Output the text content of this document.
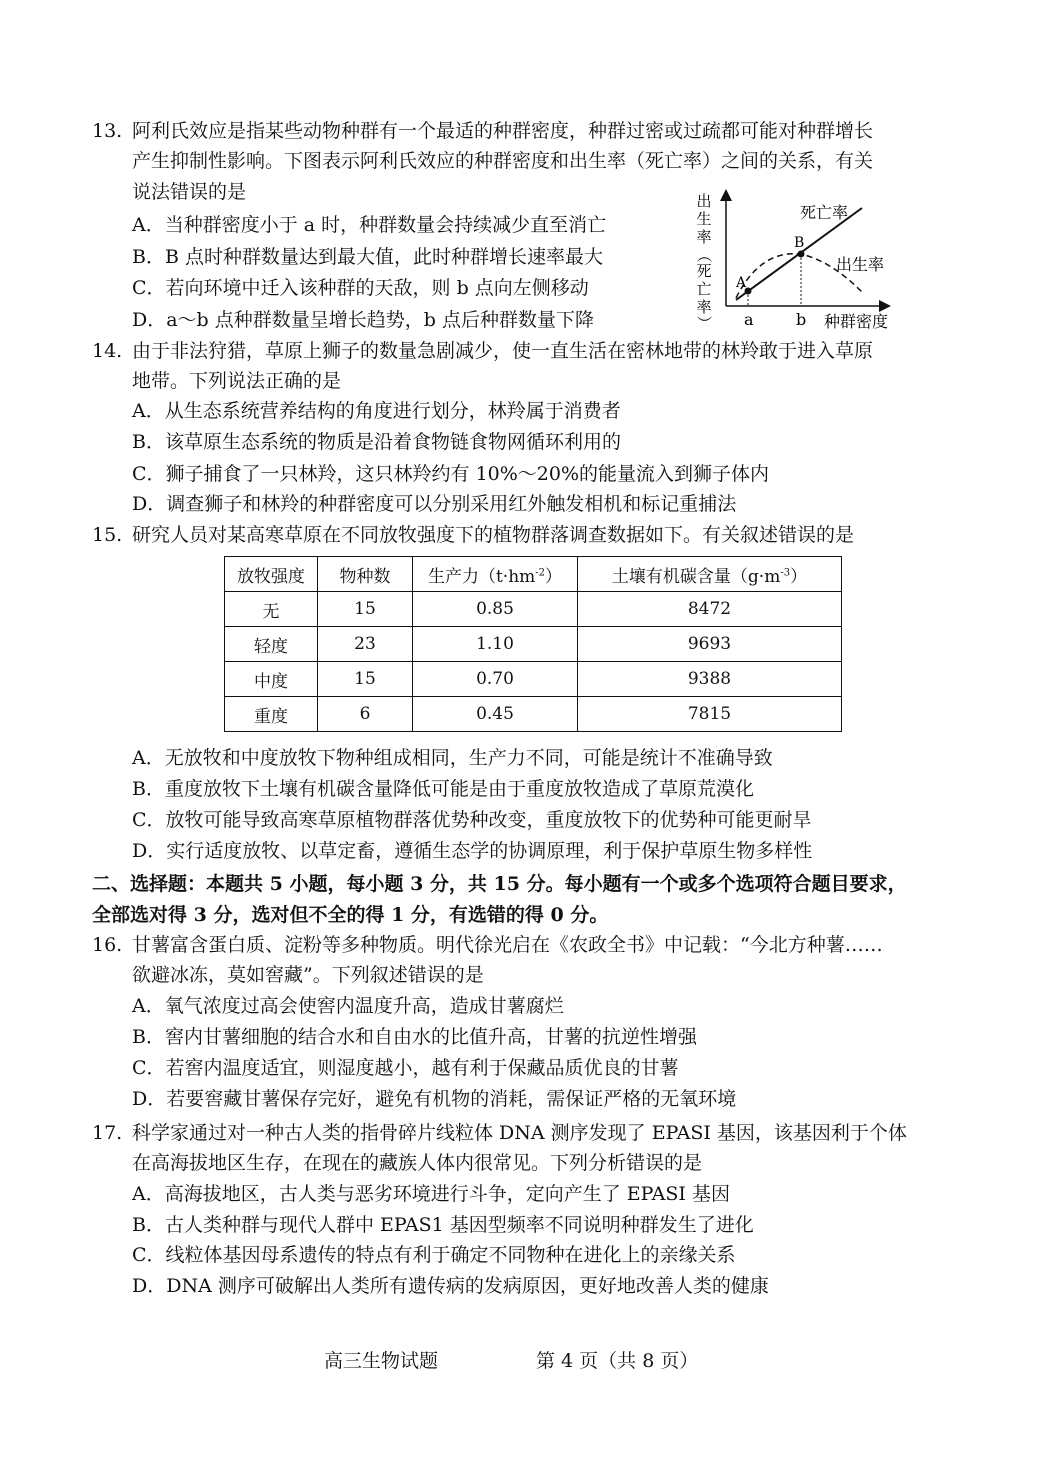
13. 阿利氏效应是指某些动物种群有一个最适的种群密度，种群过密或过疏都可能对种群增长
产生抑制性影响。下图表示阿利氏效应的种群密度和出生率（死亡率）之间的关系，有关
说法错误的是
A．当种群密度小于 a 时，种群数量会持续减少直至消亡
B．B 点时种群数量达到最大值，此时种群增长速率最大
C．若向环境中迁入该种群的天敌，则 b 点向左侧移动
D．a～b 点种群数量呈增长趋势，b 点后种群数量下降
出
生
率
（
死
亡
率
）
A
B
死亡率
出生率
a	b 种群密度
14. 由于非法狩猎，草原上狮子的数量急剧减少，使一直生活在密林地带的林羚敢于进入草原
地带。下列说法正确的是
A．从生态系统营养结构的角度进行划分，林羚属于消费者
B．该草原生态系统的物质是沿着食物链食物网循环利用的
C．狮子捕食了一只林羚，这只林羚约有 10%～20%的能量流入到狮子体内
D．调查狮子和林羚的种群密度可以分别采用红外触发相机和标记重捕法
15. 研究人员对某高寒草原在不同放牧强度下的植物群落调查数据如下。有关叙述错误的是
放牧强度	物种数	生产力$(t\cdot hm^{-2})$	土壤有机碳含量$(g\cdot m^{-3})$
无	15	0.85	8472
轻度	23	1.10	9693
中度	15	0.70	9388
重度	6	0.45	7815
A．无放牧和中度放牧下物种组成相同，生产力不同，可能是统计不准确导致
B．重度放牧下土壤有机碳含量降低可能是由于重度放牧造成了草原荒漠化
C．放牧可能导致高寒草原植物群落优势种改变，重度放牧下的优势种可能更耐旱
D．实行适度放牧、以草定畜，遵循生态学的协调原理，利于保护草原生物多样性
二、选择题：本题共 5 小题，每小题 3 分，共 15 分。每小题有一个或多个选项符合题目要求，
全部选对得 3 分，选对但不全的得 1 分，有选错的得 0 分。
16. 甘薯富含蛋白质、淀粉等多种物质。明代徐光启在《农政全书》中记载：“今北方种薯……
欲避冰冻，莫如窖藏”。下列叙述错误的是
A．氧气浓度过高会使窖内温度升高，造成甘薯腐烂
B．窖内甘薯细胞的结合水和自由水的比值升高，甘薯的抗逆性增强
C．若窖内温度适宜，则湿度越小，越有利于保藏品质优良的甘薯
D．若要窖藏甘薯保存完好，避免有机物的消耗，需保证严格的无氧环境
17. 科学家通过对一种古人类的指骨碎片线粒体 DNA 测序发现了 EPASI 基因，该基因利于个体
在高海拔地区生存，在现在的藏族人体内很常见。下列分析错误的是
A．高海拔地区，古人类与恶劣环境进行斗争，定向产生了 EPASI 基因
B．古人类种群与现代人群中 EPAS1 基因型频率不同说明种群发生了进化
C．线粒体基因母系遗传的特点有利于确定不同物种在进化上的亲缘关系
D．DNA 测序可破解出人类所有遗传病的发病原因，更好地改善人类的健康
高三生物试题	第 4 页（共 8 页）
